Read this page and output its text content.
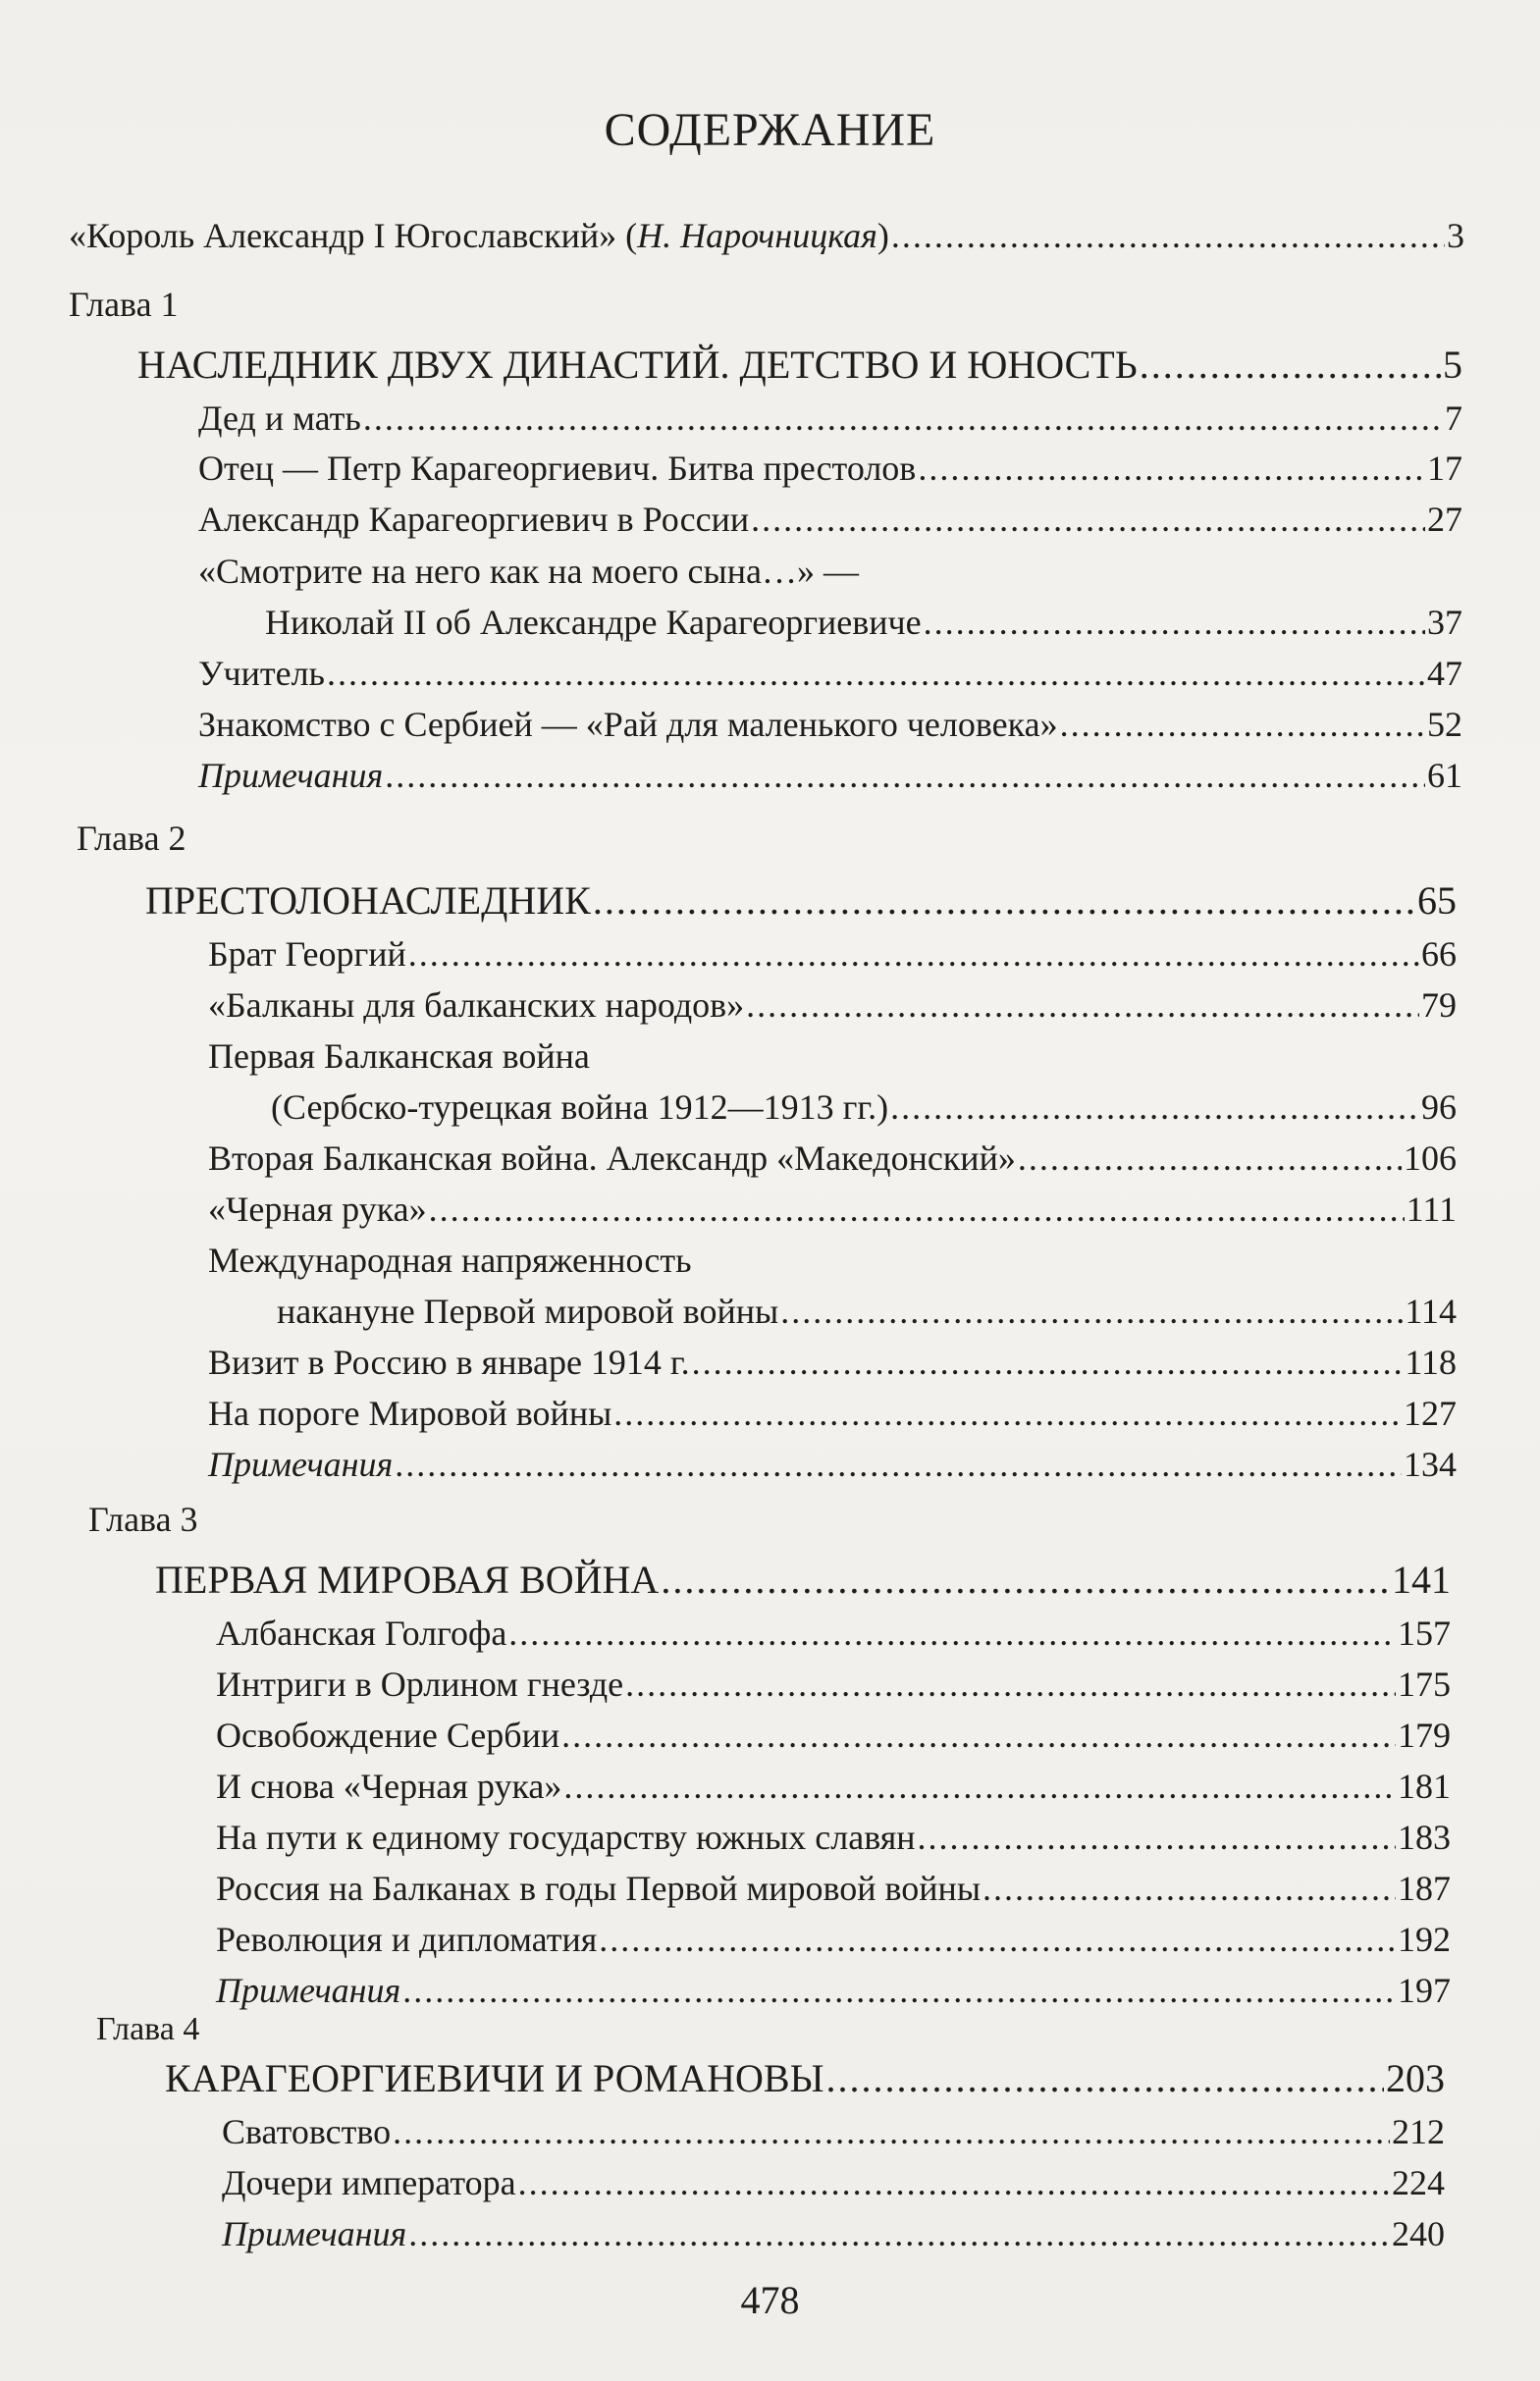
СОДЕРЖАНИЕ
«Король Александр I Югославский» (Н. Нарочницкая) .....	3
Глава 1
НАСЛЕДНИК ДВУХ ДИНАСТИЙ. ДЕТСТВО И ЮНОСТЬ .....	5
Дед и мать .....	7
Отец — Петр Карагеоргиевич. Битва престолов .....	17
Александр Карагеоргиевич в России .....	27
«Смотрите на него как на моего сына…» —
Николай II об Александре Карагеоргиевиче .....	37
Учитель .....	47
Знакомство с Сербией — «Рай для маленького человека» .....	52
Примечания .....	61
Глава 2
ПРЕСТОЛОНАСЛЕДНИК .....	65
Брат Георгий .....	66
«Балканы для балканских народов» .....	79
Первая Балканская война
(Сербско-турецкая война 1912—1913 гг.) .....	96
Вторая Балканская война. Александр «Македонский» .....	106
«Черная рука» .....	111
Международная напряженность
накануне Первой мировой войны .....	114
Визит в Россию в январе 1914 г. .....	118
На пороге Мировой войны .....	127
Примечания .....	134
Глава 3
ПЕРВАЯ МИРОВАЯ ВОЙНА .....	141
Албанская Голгофа .....	157
Интриги в Орлином гнезде .....	175
Освобождение Сербии .....	179
И снова «Черная рука» .....	181
На пути к единому государству южных славян .....	183
Россия на Балканах в годы Первой мировой войны .....	187
Революция и дипломатия .....	192
Примечания .....	197
Глава 4
КАРАГЕОРГИЕВИЧИ И РОМАНОВЫ .....	203
Сватовство .....	212
Дочери императора .....	224
Примечания .....	240
478
